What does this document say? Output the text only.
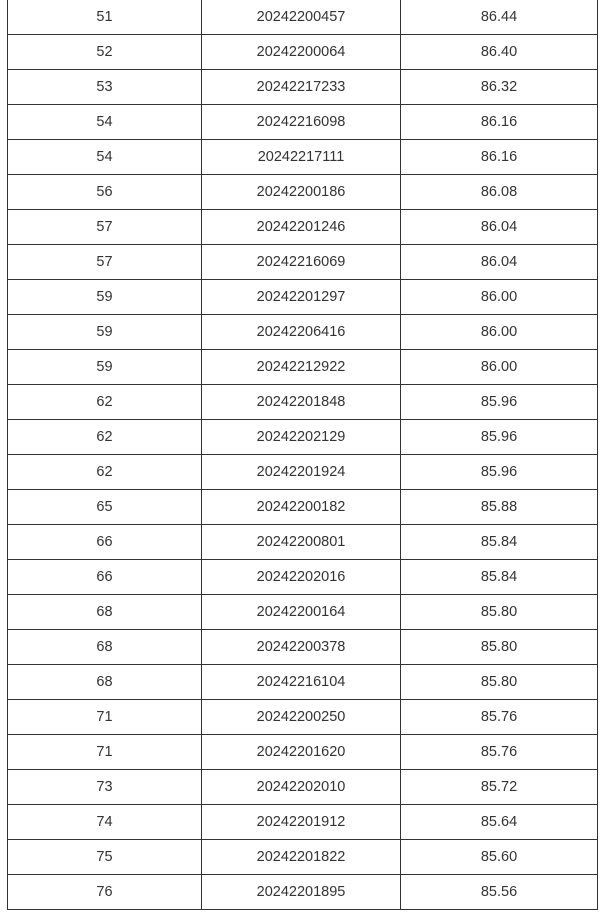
51	20242200457	86.44
52	20242200064	86.40
53	20242217233	86.32
54	20242216098	86.16
54	20242217111	86.16
56	20242200186	86.08
57	20242201246	86.04
57	20242216069	86.04
59	20242201297	86.00
59	20242206416	86.00
59	20242212922	86.00
62	20242201848	85.96
62	20242202129	85.96
62	20242201924	85.96
65	20242200182	85.88
66	20242200801	85.84
66	20242202016	85.84
68	20242200164	85.80
68	20242200378	85.80
68	20242216104	85.80
71	20242200250	85.76
71	20242201620	85.76
73	20242202010	85.72
74	20242201912	85.64
75	20242201822	85.60
76	20242201895	85.56
